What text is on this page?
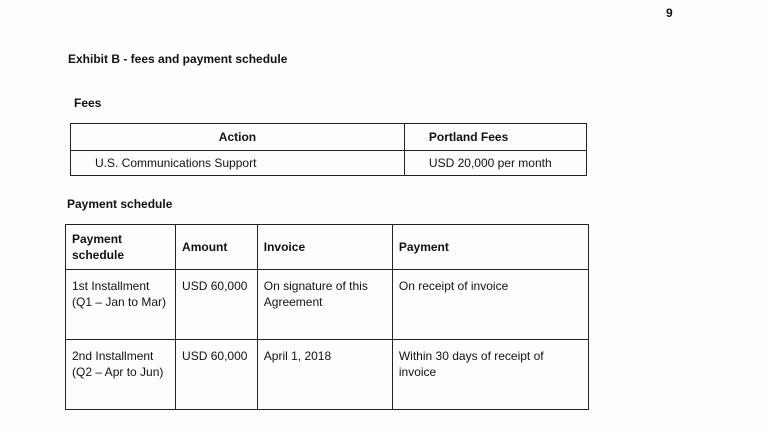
9
Exhibit B - fees and payment schedule
Fees
Action	Portland Fees
U.S. Communications Support	USD 20,000 per month
Payment schedule
Payment schedule	Amount	Invoice	Payment
1st Installment (Q1 – Jan to Mar)	USD 60,000	On signature of this Agreement	On receipt of invoice
2nd Installment (Q2 – Apr to Jun)	USD 60,000	April 1, 2018	Within 30 days of receipt of invoice
